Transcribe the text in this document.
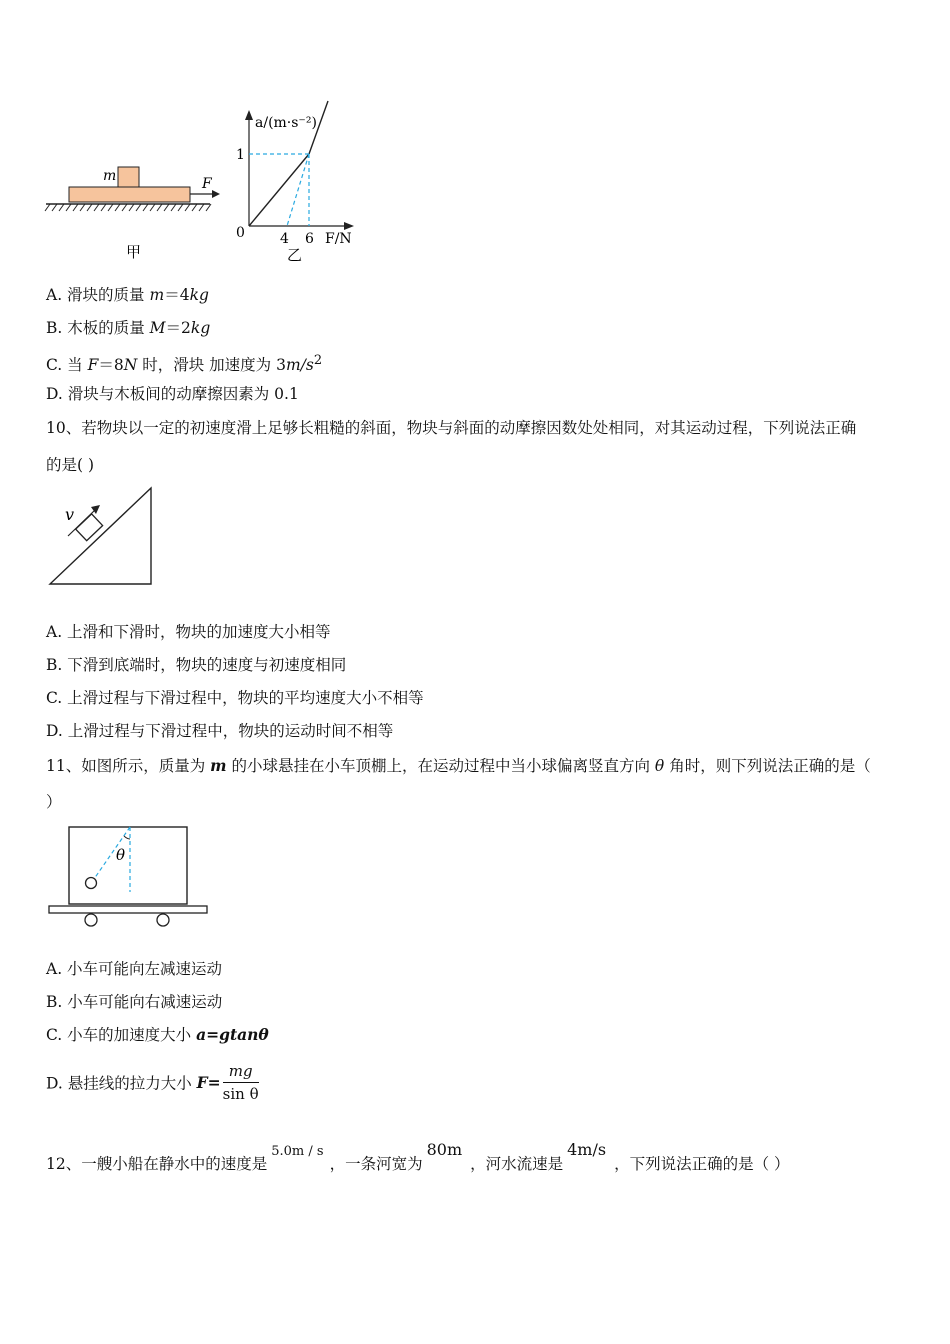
m	F
甲
a/(m·s⁻²)
1
0	4 6 F/N
乙
A. 滑块的质量 m＝4kg
B. 木板的质量 M＝2kg
C. 当 F＝8N 时，滑块 加速度为 $3m/s^2$
D. 滑块与木板间的动摩擦因素为 0.1
10、若物块以一定的初速度滑上足够长粗糙的斜面，物块与斜面的动摩擦因数处处相同，对其运动过程，下列说法正确
的是( )
v
A. 上滑和下滑时，物块的加速度大小相等
B. 下滑到底端时，物块的速度与初速度相同
C. 上滑过程与下滑过程中，物块的平均速度大小不相等
D. 上滑过程与下滑过程中，物块的运动时间不相等
11、如图所示，质量为 m 的小球悬挂在小车顶棚上，在运动过程中当小球偏离竖直方向 θ 角时，则下列说法正确的是（
）
θ
A. 小车可能向左减速运动
B. 小车可能向右减速运动
C. 小车的加速度大小 a=gtanθ
D. 悬挂线的拉力大小 $F= \frac{mg}{\text{sin θ}}$
12、一艘小船在静水中的速度是5.0m / s，一条河宽为80m，河水流速是4m/s，下列说法正确的是（ ）
